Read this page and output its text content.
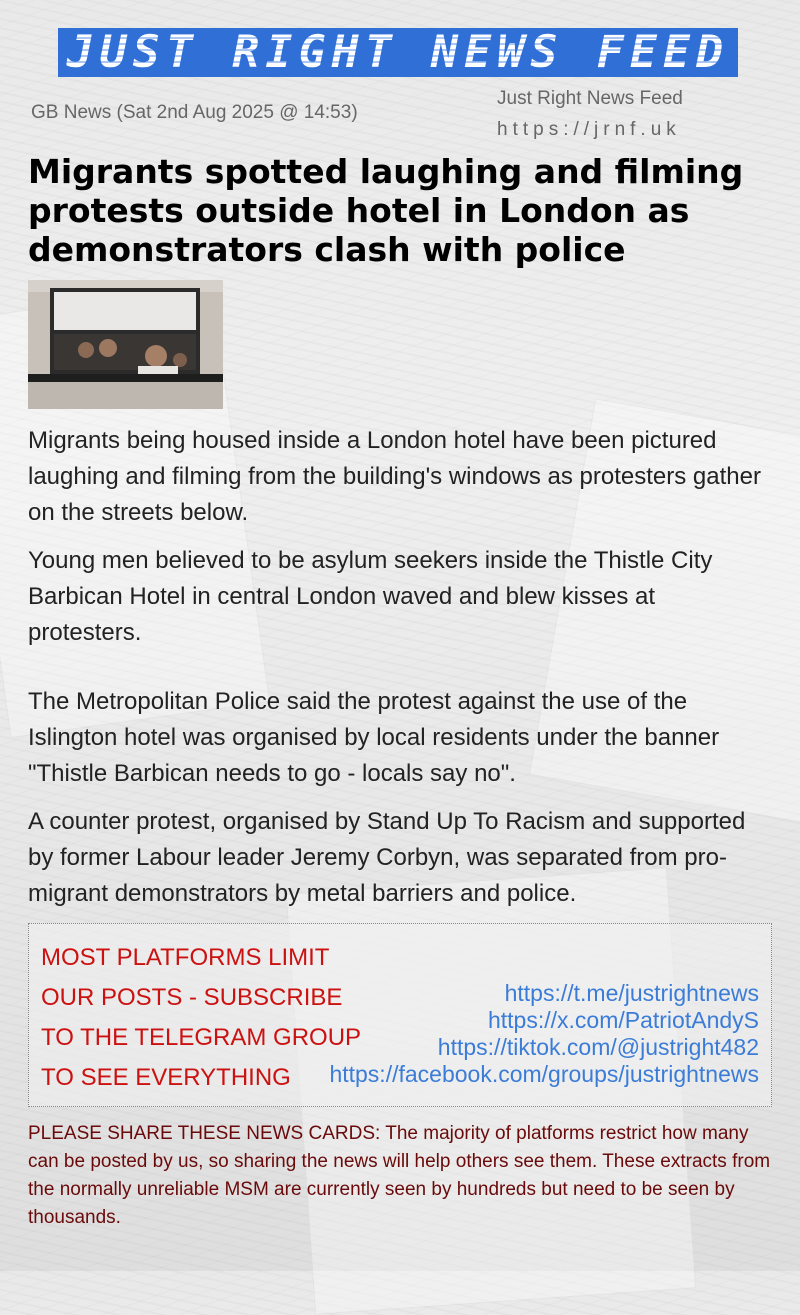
JUST RIGHT NEWS FEED
GB News (Sat 2nd Aug 2025 @ 14:53)
Just Right News Feed
https://jrnf.uk
Migrants spotted laughing and filming protests outside hotel in London as demonstrators clash with police

Migrants being housed inside a London hotel have been pictured laughing and filming from the building's windows as protesters gather on the streets below.

Young men believed to be asylum seekers inside the Thistle City Barbican Hotel in central London waved and blew kisses at protesters.

The Metropolitan Police said the protest against the use of the Islington hotel was organised by local residents under the banner "Thistle Barbican needs to go - locals say no".

A counter protest, organised by Stand Up To Racism and supported by former Labour leader Jeremy Corbyn, was separated from pro-migrant demonstrators by metal barriers and police.

MOST PLATFORMS LIMIT
OUR POSTS - SUBSCRIBE
TO THE TELEGRAM GROUP
TO SEE EVERYTHING
https://t.me/justrightnews
https://x.com/PatriotAndyS
https://tiktok.com/@justright482
https://facebook.com/groups/justrightnews
PLEASE SHARE THESE NEWS CARDS: The majority of platforms restrict how many can be posted by us, so sharing the news will help others see them. These extracts from the normally unreliable MSM are currently seen by hundreds but need to be seen by thousands.
